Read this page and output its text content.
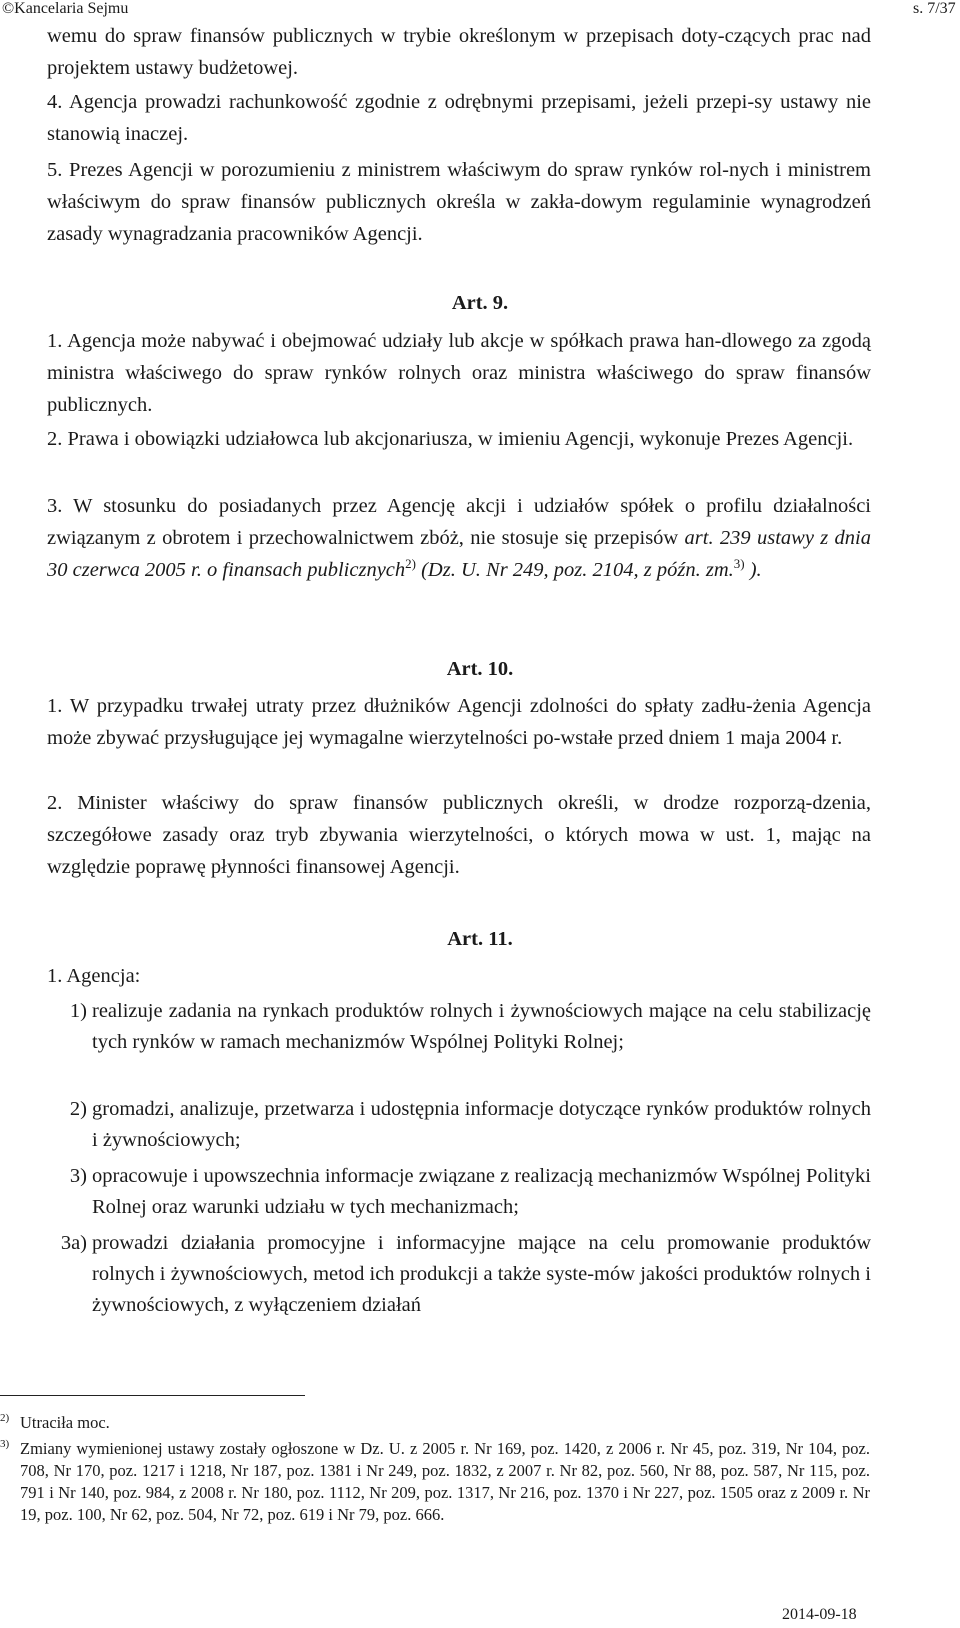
©Kancelaria Sejmu	s. 7/37

wemu do spraw finansów publicznych w trybie określonym w przepisach doty-czących prac nad projektem ustawy budżetowej.

4. Agencja prowadzi rachunkowość zgodnie z odrębnymi przepisami, jeżeli przepi-sy ustawy nie stanowią inaczej.

5. Prezes Agencji w porozumieniu z ministrem właściwym do spraw rynków rol-nych i ministrem właściwym do spraw finansów publicznych określa w zakła-dowym regulaminie wynagrodzeń zasady wynagradzania pracowników Agencji.

Art. 9.

1. Agencja może nabywać i obejmować udziały lub akcje w spółkach prawa han-dlowego za zgodą ministra właściwego do spraw rynków rolnych oraz ministra właściwego do spraw finansów publicznych.

2. Prawa i obowiązki udziałowca lub akcjonariusza, w imieniu Agencji, wykonuje Prezes Agencji.

3. W stosunku do posiadanych przez Agencję akcji i udziałów spółek o profilu działalności związanym z obrotem i przechowalnictwem zbóż, nie stosuje się przepisów art. 239 ustawy z dnia 30 czerwca 2005 r. o finansach publicznych$^{2)}$ (Dz. U. Nr 249, poz. 2104, z późn. zm.$^{3)}$ ).

Art. 10.

1. W przypadku trwałej utraty przez dłużników Agencji zdolności do spłaty zadłu-żenia Agencja może zbywać przysługujące jej wymagalne wierzytelności po-wstałe przed dniem 1 maja 2004 r.

2. Minister właściwy do spraw finansów publicznych określi, w drodze rozporzą-dzenia, szczegółowe zasady oraz tryb zbywania wierzytelności, o których mowa w ust. 1, mając na względzie poprawę płynności finansowej Agencji.

Art. 11.

1. Agencja:

1) realizuje zadania na rynkach produktów rolnych i żywnościowych mające na celu stabilizację tych rynków w ramach mechanizmów Wspólnej Polityki Rolnej;
2) gromadzi, analizuje, przetwarza i udostępnia informacje dotyczące rynków produktów rolnych i żywnościowych;
3) opracowuje i upowszechnia informacje związane z realizacją mechanizmów Wspólnej Polityki Rolnej oraz warunki udziału w tych mechanizmach;
3a) prowadzi działania promocyjne i informacyjne mające na celu promowanie produktów rolnych i żywnościowych, metod ich produkcji a także syste-mów jakości produktów rolnych i żywnościowych, z wyłączeniem działań
2) Utraciła moc.
3) Zmiany wymienionej ustawy zostały ogłoszone w Dz. U. z 2005 r. Nr 169, poz. 1420, z 2006 r. Nr 45, poz. 319, Nr 104, poz. 708, Nr 170, poz. 1217 i 1218, Nr 187, poz. 1381 i Nr 249, poz. 1832, z 2007 r. Nr 82, poz. 560, Nr 88, poz. 587, Nr 115, poz. 791 i Nr 140, poz. 984, z 2008 r. Nr 180, poz. 1112, Nr 209, poz. 1317, Nr 216, poz. 1370 i Nr 227, poz. 1505 oraz z 2009 r. Nr 19, poz. 100, Nr 62, poz. 504, Nr 72, poz. 619 i Nr 79, poz. 666.
2014-09-18
